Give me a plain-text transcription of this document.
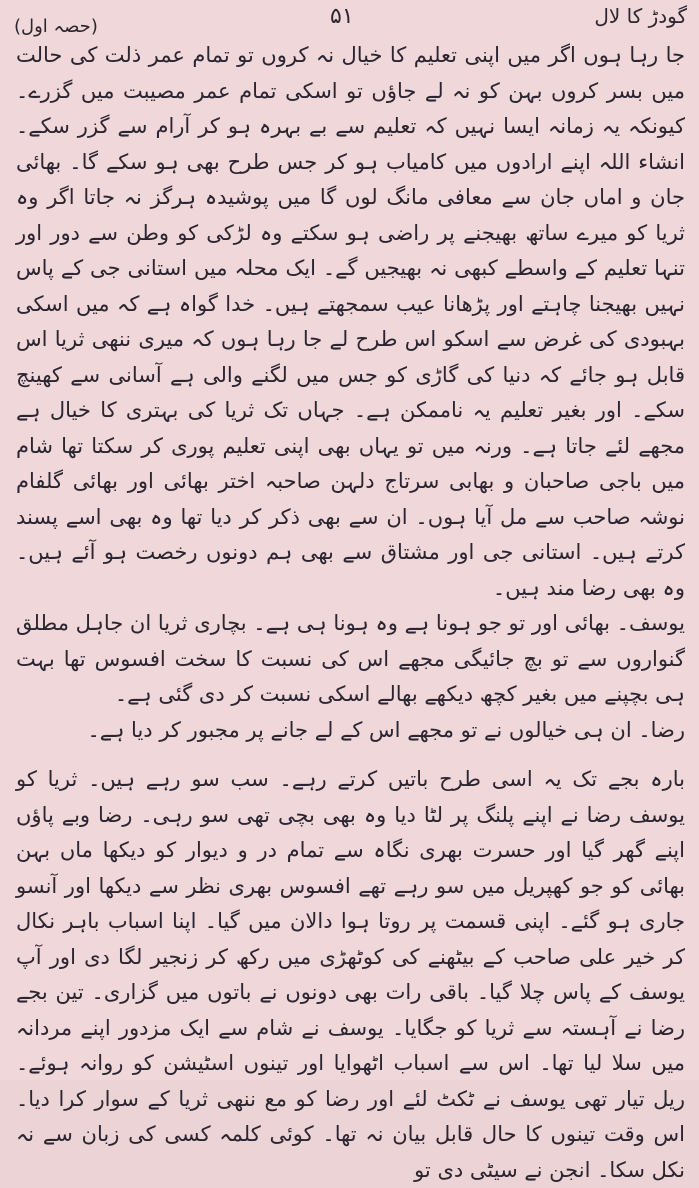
گودڑ کا لال
۵۱
(حصہ اول)

جا رہا ہوں اگر میں اپنی تعلیم کا خیال نہ کروں تو تمام عمر ذلت کی حالت میں بسر کروں بہن کو نہ لے جاؤں تو اسکی تمام عمر مصیبت میں گزرے۔ کیونکہ یہ زمانہ ایسا نہیں کہ تعلیم سے بے بہرہ ہو کر آرام سے گزر سکے۔ انشاء اللہ اپنے ارادوں میں کامیاب ہو کر جس طرح بھی ہو سکے گا۔ بھائی جان و اماں جان سے معافی مانگ لوں گا میں پوشیدہ ہرگز نہ جاتا اگر وہ ثریا کو میرے ساتھ بھیجنے پر راضی ہو سکتے وہ لڑکی کو وطن سے دور اور تنہا تعلیم کے واسطے کبھی نہ بھیجیں گے۔ ایک محلہ میں استانی جی کے پاس نہیں بھیجنا چاہتے اور پڑھانا عیب سمجھتے ہیں۔ خدا گواہ ہے کہ میں اسکی بہبودی کی غرض سے اسکو اس طرح لے جا رہا ہوں کہ میری ننھی ثریا اس قابل ہو جائے کہ دنیا کی گاڑی کو جس میں لگنے والی ہے آسانی سے کھینچ سکے۔ اور بغیر تعلیم یہ ناممکن ہے۔ جہاں تک ثریا کی بہتری کا خیال ہے مجھے لئے جاتا ہے۔ ورنہ میں تو یہاں بھی اپنی تعلیم پوری کر سکتا تھا شام میں باجی صاحبان و بھابی سرتاج دلہن صاحبہ اختر بھائی اور بھائی گلفام نوشہ صاحب سے مل آیا ہوں۔ ان سے بھی ذکر کر دیا تھا وہ بھی اسے پسند کرتے ہیں۔ استانی جی اور مشتاق سے بھی ہم دونوں رخصت ہو آئے ہیں۔ وہ بھی رضا مند ہیں۔

یوسف۔ بھائی اور تو جو ہونا ہے وہ ہونا ہی ہے۔ بچاری ثریا ان جاہل مطلق گنواروں سے تو بچ جائیگی مجھے اس کی نسبت کا سخت افسوس تھا بہت ہی بچپنے میں بغیر کچھ دیکھے بھالے اسکی نسبت کر دی گئی ہے۔

رضا۔ ان ہی خیالوں نے تو مجھے اس کے لے جانے پر مجبور کر دیا ہے۔

بارہ بجے تک یہ اسی طرح باتیں کرتے رہے۔ سب سو رہے ہیں۔ ثریا کو یوسف رضا نے اپنے پلنگ پر لٹا دیا وہ بھی بچی تھی سو رہی۔ رضا وبے پاؤں اپنے گھر گیا اور حسرت بھری نگاہ سے تمام در و دیوار کو دیکھا ماں بہن بھائی کو جو کھپریل میں سو رہے تھے افسوس بھری نظر سے دیکھا اور آنسو جاری ہو گئے۔ اپنی قسمت پر روتا ہوا دالان میں گیا۔ اپنا اسباب باہر نکال کر خیر علی صاحب کے بیٹھنے کی کوٹھڑی میں رکھ کر زنجیر لگا دی اور آپ یوسف کے پاس چلا گیا۔ باقی رات بھی دونوں نے باتوں میں گزاری۔ تین بجے رضا نے آہستہ سے ثریا کو جگایا۔ یوسف نے شام سے ایک مزدور اپنے مردانہ میں سلا لیا تھا۔ اس سے اسباب اٹھوایا اور تینوں اسٹیشن کو روانہ ہوئے۔ ریل تیار تھی یوسف نے ٹکٹ لئے اور رضا کو مع ننھی ثریا کے سوار کرا دیا۔ اس وقت تینوں کا حال قابل بیان نہ تھا۔ کوئی کلمہ کسی کی زبان سے نہ نکل سکا۔ انجن نے سیٹی دی تو
